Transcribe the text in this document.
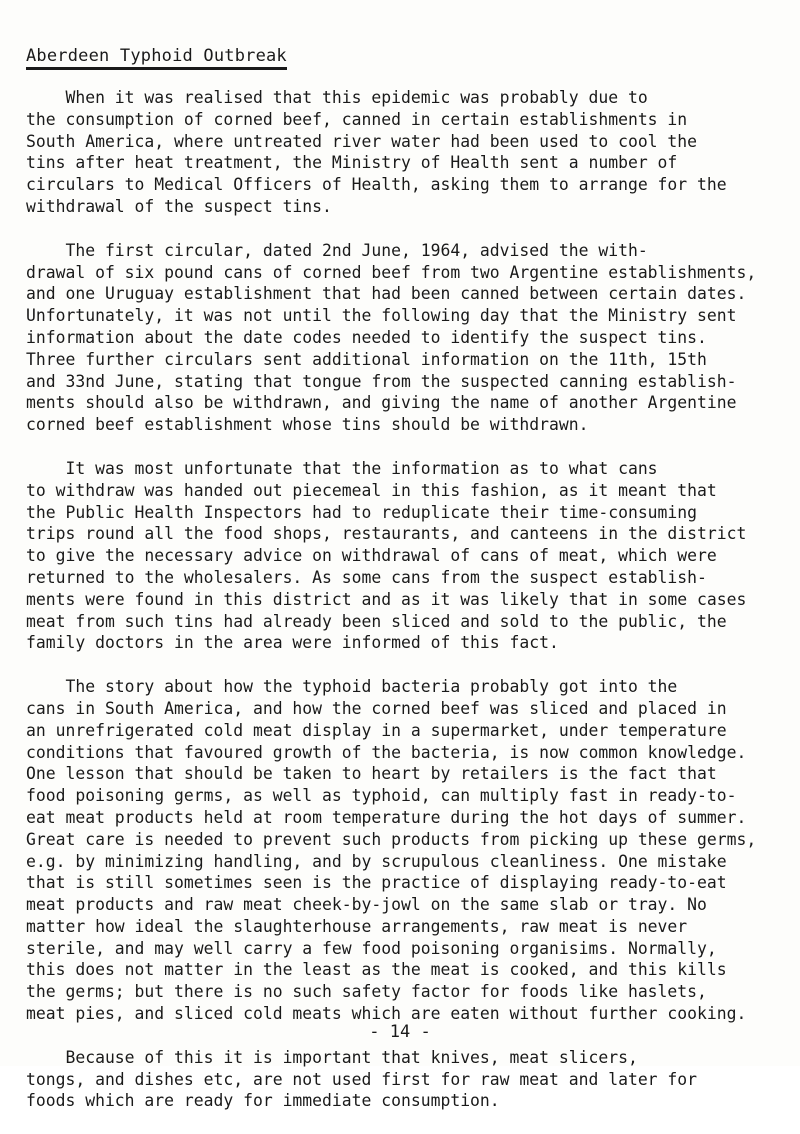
Aberdeen Typhoid Outbreak
When it was realised that this epidemic was probably due to
the consumption of corned beef, canned in certain establishments in
South America, where untreated river water had been used to cool the
tins after heat treatment, the Ministry of Health sent a number of
circulars to Medical Officers of Health, asking them to arrange for the
withdrawal of the suspect tins.
The first circular, dated 2nd June, 1964, advised the with-
drawal of six pound cans of corned beef from two Argentine establishments,
and one Uruguay establishment that had been canned between certain dates.
Unfortunately, it was not until the following day that the Ministry sent
information about the date codes needed to identify the suspect tins.
Three further circulars sent additional information on the 11th, 15th
and 33nd June, stating that tongue from the suspected canning establish-
ments should also be withdrawn, and giving the name of another Argentine
corned beef establishment whose tins should be withdrawn.
It was most unfortunate that the information as to what cans
to withdraw was handed out piecemeal in this fashion, as it meant that
the Public Health Inspectors had to reduplicate their time-consuming
trips round all the food shops, restaurants, and canteens in the district
to give the necessary advice on withdrawal of cans of meat, which were
returned to the wholesalers. As some cans from the suspect establish-
ments were found in this district and as it was likely that in some cases
meat from such tins had already been sliced and sold to the public, the
family doctors in the area were informed of this fact.
The story about how the typhoid bacteria probably got into the
cans in South America, and how the corned beef was sliced and placed in
an unrefrigerated cold meat display in a supermarket, under temperature
conditions that favoured growth of the bacteria, is now common knowledge.
One lesson that should be taken to heart by retailers is the fact that
food poisoning germs, as well as typhoid, can multiply fast in ready-to-
eat meat products held at room temperature during the hot days of summer.
Great care is needed to prevent such products from picking up these germs,
e.g. by minimizing handling, and by scrupulous cleanliness. One mistake
that is still sometimes seen is the practice of displaying ready-to-eat
meat products and raw meat cheek-by-jowl on the same slab or tray. No
matter how ideal the slaughterhouse arrangements, raw meat is never
sterile, and may well carry a few food poisoning organisims. Normally,
this does not matter in the least as the meat is cooked, and this kills
the germs; but there is no such safety factor for foods like haslets,
meat pies, and sliced cold meats which are eaten without further cooking.
Because of this it is important that knives, meat slicers,
tongs, and dishes etc, are not used first for raw meat and later for
foods which are ready for immediate consumption.
- 14 -
